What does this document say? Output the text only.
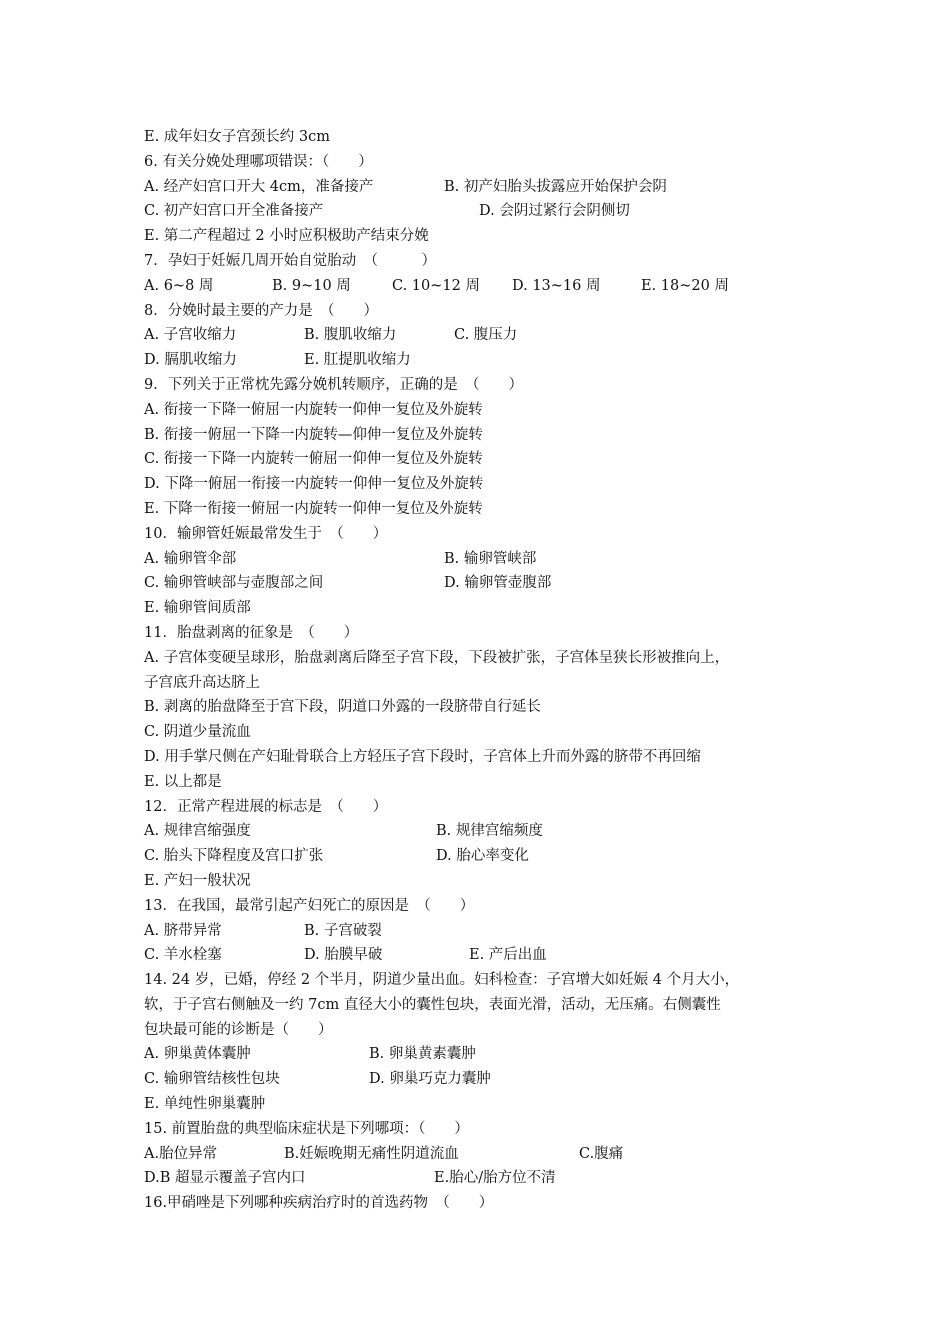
E. 成年妇女子宫颈长约 3cm
6. 有关分娩处理哪项错误：（　　）
A. 经产妇宫口开大 4cm，准备接产	B. 初产妇胎头拔露应开始保护会阴
C. 初产妇宫口开全准备接产	D. 会阴过紧行会阴侧切
E. 第二产程超过 2 小时应积极助产结束分娩
7．孕妇于妊娠几周开始自觉胎动　（　　　）
A. 6~8 周	B. 9~10 周	C. 10~12 周 D. 13~16 周	E. 18~20 周
8．分娩时最主要的产力是　（　　）
A. 子宫收缩力	B. 腹肌收缩力	C. 腹压力
D. 膈肌收缩力	E. 肛提肌收缩力
9．下列关于正常枕先露分娩机转顺序，正确的是　（　　）
A. 衔接一下降一俯屈一内旋转一仰伸一复位及外旋转
B. 衔接一俯屈一下降一内旋转—仰伸一复位及外旋转
C. 衔接一下降一内旋转一俯屈一仰伸一复位及外旋转
D. 下降一俯屈一衔接一内旋转一仰伸一复位及外旋转
E. 下降一衔接一俯屈一内旋转一仰伸一复位及外旋转
10．输卵管妊娠最常发生于　（　　）
A. 输卵管伞部	B. 输卵管峡部
C. 输卵管峡部与壶腹部之间	D. 输卵管壶腹部
E. 输卵管间质部
11．胎盘剥离的征象是　（　　）
A. 子宫体变硬呈球形，胎盘剥离后降至子宫下段，下段被扩张，子宫体呈狭长形被推向上，
子宫底升高达脐上
B. 剥离的胎盘降至于宫下段，阴道口外露的一段脐带自行延长
C. 阴道少量流血
D. 用手掌尺侧在产妇耻骨联合上方轻压子宫下段时，子宫体上升而外露的脐带不再回缩
E. 以上都是
12．正常产程进展的标志是　（　　）
A. 规律宫缩强度	B. 规律宫缩频度
C. 胎头下降程度及宫口扩张	D. 胎心率变化
E. 产妇一般状况
13．在我国，最常引起产妇死亡的原因是　（　　）
A. 脐带异常	B. 子宫破裂
C. 羊水栓塞	D. 胎膜早破	E. 产后出血
14. 24 岁，已婚，停经 2 个半月，阴道少量出血。妇科检查：子宫增大如妊娠 4 个月大小，
软，于子宫右侧触及一约 7cm 直径大小的囊性包块，表面光滑，活动，无压痛。右侧囊性
包块最可能的诊断是（　　）
A. 卵巢黄体囊肿	B. 卵巢黄素囊肿
C. 输卵管结核性包块	D. 卵巢巧克力囊肿
E. 单纯性卵巢囊肿
15. 前置胎盘的典型临床症状是下列哪项：（　　）
A.胎位异常	B.妊娠晚期无痛性阴道流血	C.腹痛
D.B 超显示覆盖子宫内口	E.胎心/胎方位不清
16.甲硝唑是下列哪种疾病治疗时的首选药物　（　　）
